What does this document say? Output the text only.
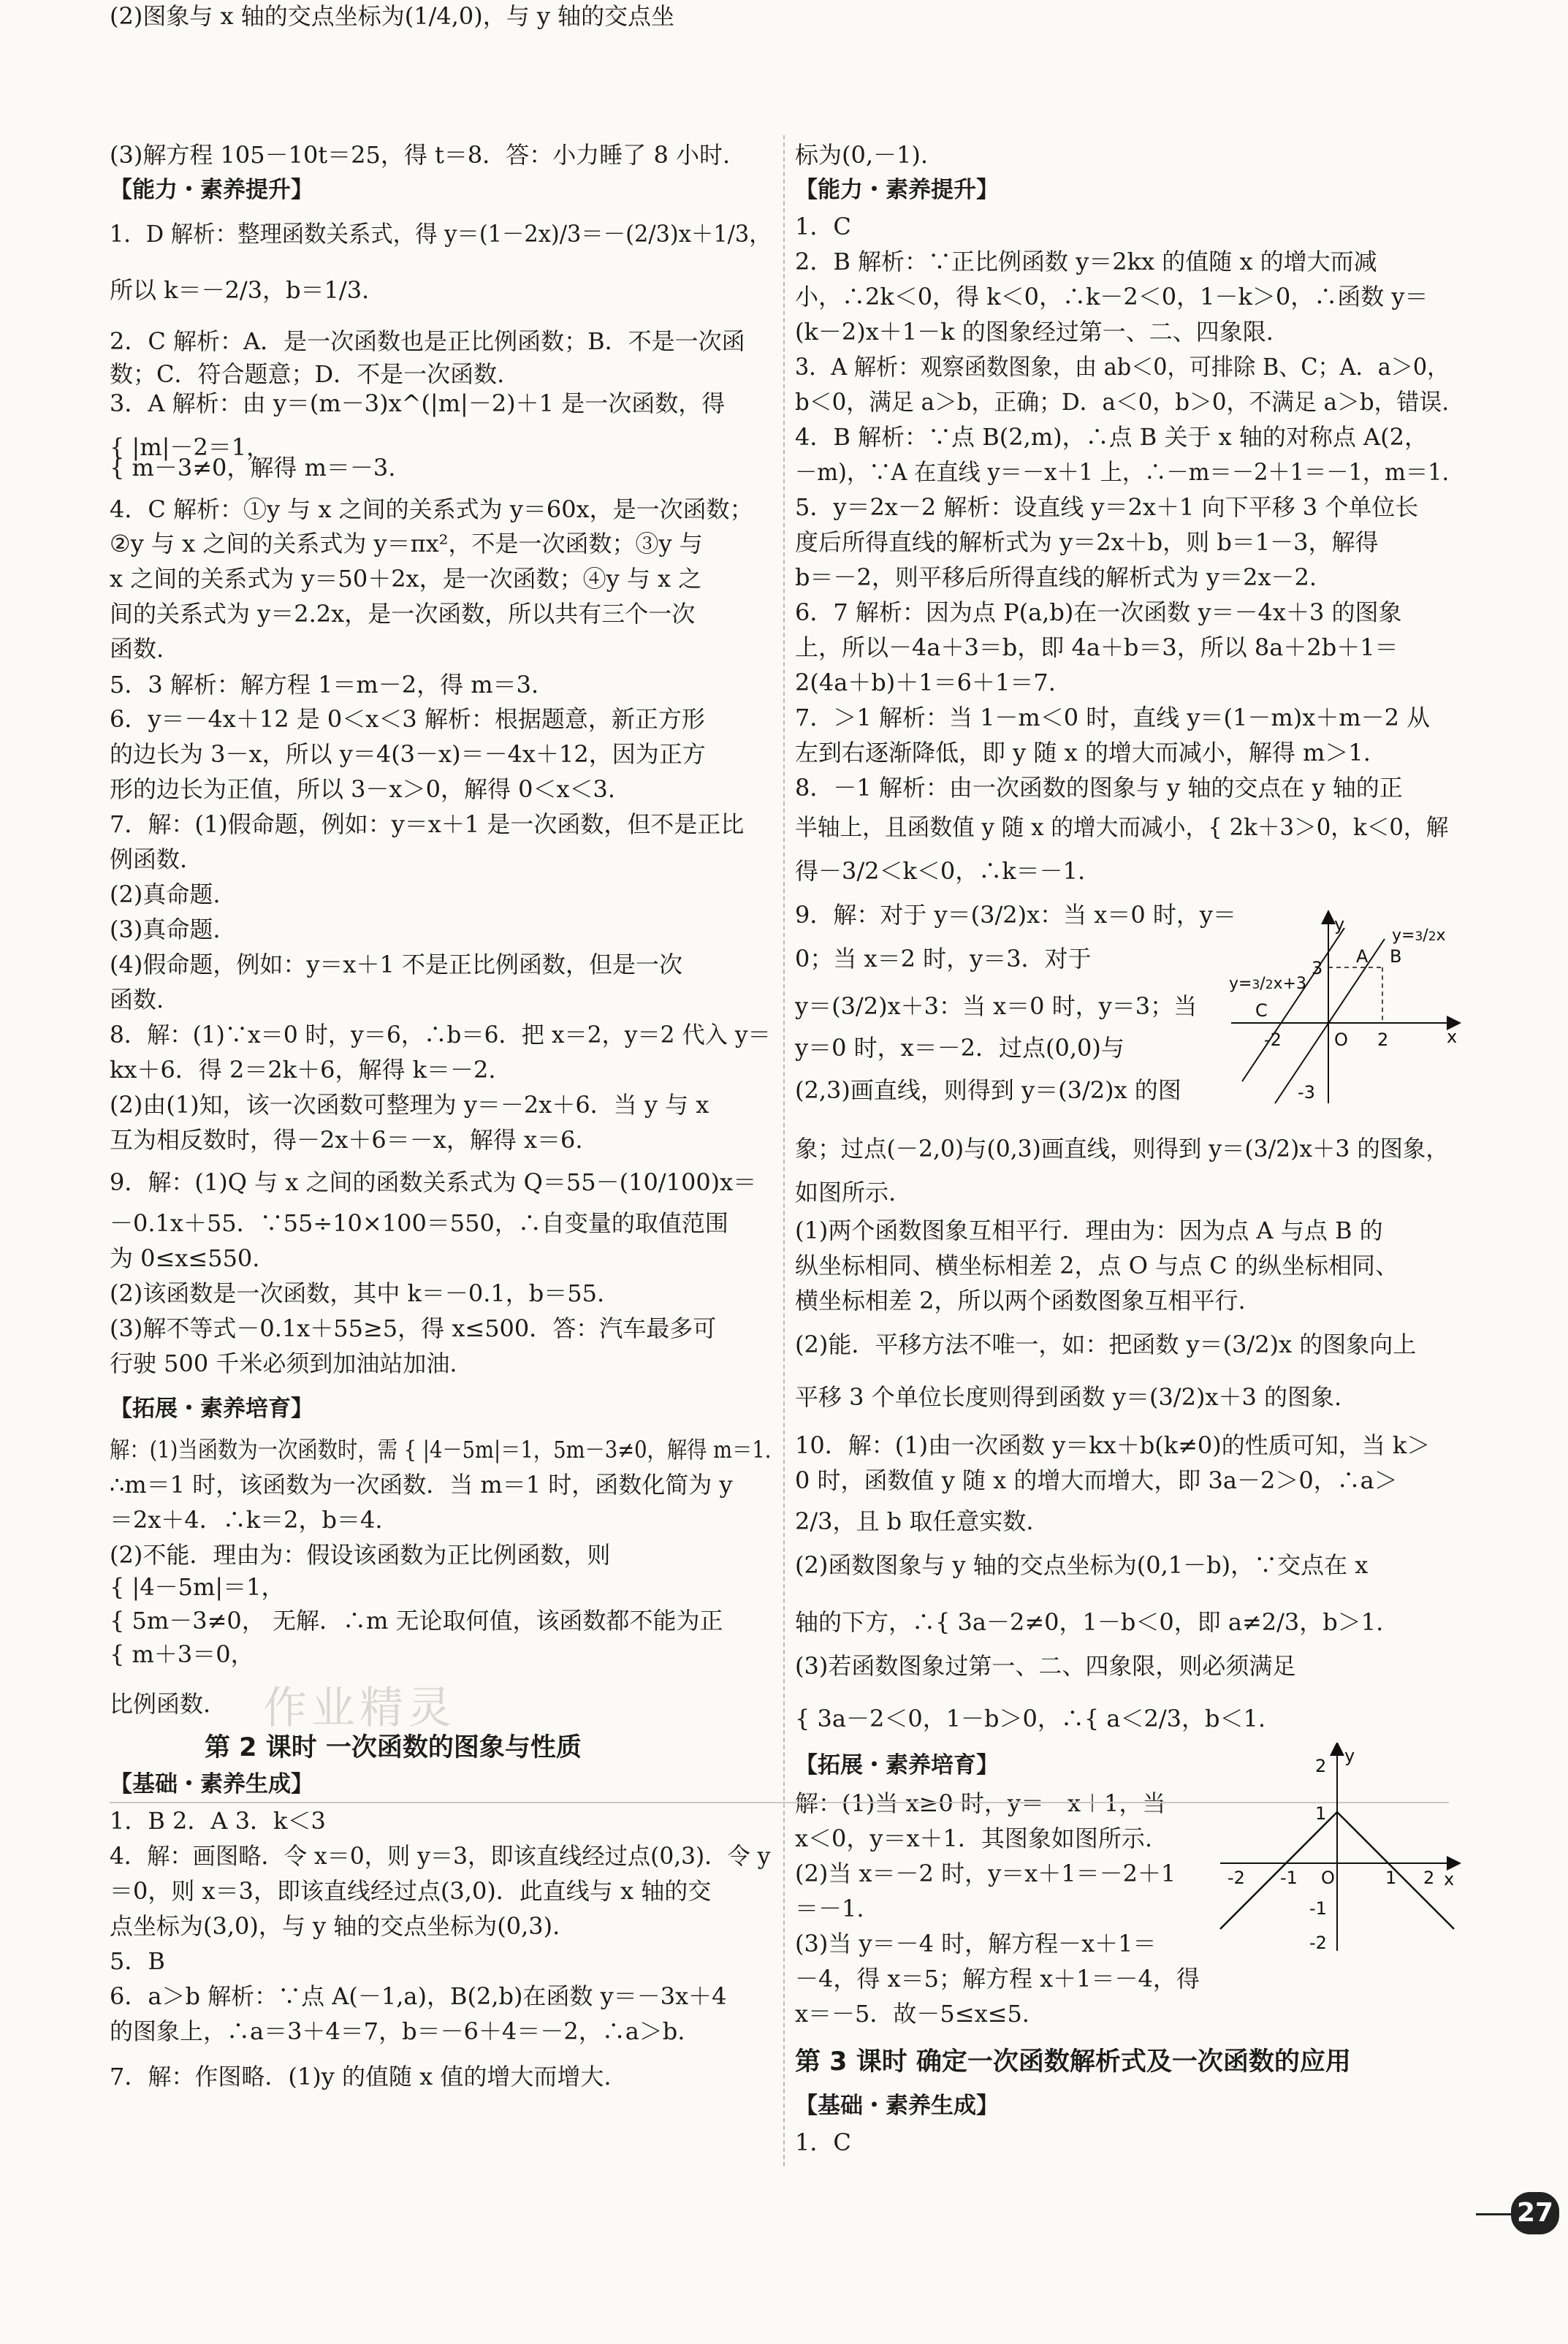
(3)解方程 105－10t＝25，得 t＝8．答：小力睡了 8 小时.
【能力・素养提升】
1．D 解析：整理函数关系式，得 y＝(1－2x)/3＝－(2/3)x＋1/3，
所以 k＝－2/3，b＝1/3.
2．C 解析：A．是一次函数也是正比例函数；B．不是一次函
数；C．符合题意；D．不是一次函数.
3．A 解析：由 y＝(m－3)x^(|m|－2)＋1 是一次函数，得
{ |m|－2＝1，
{ m－3≠0，解得 m＝－3.
4．C 解析：①y 与 x 之间的关系式为 y＝60x，是一次函数；
②y 与 x 之间的关系式为 y＝πx²，不是一次函数；③y 与
x 之间的关系式为 y＝50＋2x，是一次函数；④y 与 x 之
间的关系式为 y＝2.2x，是一次函数，所以共有三个一次
函数.
5．3 解析：解方程 1＝m－2，得 m＝3.
6．y＝－4x＋12 是 0＜x＜3 解析：根据题意，新正方形
的边长为 3－x，所以 y＝4(3－x)＝－4x＋12，因为正方
形的边长为正值，所以 3－x＞0，解得 0＜x＜3.
7．解：(1)假命题，例如：y＝x＋1 是一次函数，但不是正比
例函数.
(2)真命题.
(3)真命题.
(4)假命题，例如：y＝x＋1 不是正比例函数，但是一次
函数.
8．解：(1)∵x＝0 时，y＝6，∴b＝6．把 x＝2，y＝2 代入 y＝
kx＋6．得 2＝2k＋6，解得 k＝－2.
(2)由(1)知，该一次函数可整理为 y＝－2x＋6．当 y 与 x
互为相反数时，得－2x＋6＝－x，解得 x＝6.
9．解：(1)Q 与 x 之间的函数关系式为 Q＝55－(10/100)x＝
－0.1x＋55．∵55÷10×100＝550，∴自变量的取值范围
为 0≤x≤550.
(2)该函数是一次函数，其中 k＝－0.1，b＝55.
(3)解不等式－0.1x＋55≥5，得 x≤500．答：汽车最多可
行驶 500 千米必须到加油站加油.
【拓展・素养培育】
解：(1)当函数为一次函数时，需 { |4－5m|＝1，5m－3≠0，解得 m＝1.
∴m＝1 时，该函数为一次函数．当 m＝1 时，函数化简为 y
＝2x＋4．∴k＝2，b＝4.
(2)不能．理由为：假设该函数为正比例函数，则
{ |4－5m|＝1，
{ 5m－3≠0， 无解．∴m 无论取何值，该函数都不能为正
{ m＋3＝0，
比例函数.
第 2 课时 一次函数的图象与性质
【基础・素养生成】
1．B 2．A 3．k＜3
4．解：画图略．令 x＝0，则 y＝3，即该直线经过点(0,3)．令 y
＝0，则 x＝3，即该直线经过点(3,0)．此直线与 x 轴的交
点坐标为(3,0)，与 y 轴的交点坐标为(0,3).
5．B
6．a＞b 解析：∵点 A(－1,a)，B(2,b)在函数 y＝－3x＋4
的图象上，∴a＝3＋4＝7，b＝－6＋4＝－2，∴a＞b.
7．解：作图略．(1)y 的值随 x 值的增大而增大.
(2)图象与 x 轴的交点坐标为(1/4,0)，与 y 轴的交点坐
标为(0,－1).
【能力・素养提升】
1．C
2．B 解析：∵正比例函数 y＝2kx 的值随 x 的增大而减
小，∴2k＜0，得 k＜0，∴k－2＜0，1－k＞0，∴函数 y＝
(k－2)x＋1－k 的图象经过第一、二、四象限.
3．A 解析：观察函数图象，由 ab＜0，可排除 B、C；A．a＞0，
b＜0，满足 a＞b，正确；D．a＜0，b＞0，不满足 a＞b，错误.
4．B 解析：∵点 B(2,m)，∴点 B 关于 x 轴的对称点 A(2，
－m)，∵A 在直线 y＝－x＋1 上，∴－m＝－2＋1＝－1，m＝1.
5．y＝2x－2 解析：设直线 y＝2x＋1 向下平移 3 个单位长
度后所得直线的解析式为 y＝2x＋b，则 b＝1－3，解得
b＝－2，则平移后所得直线的解析式为 y＝2x－2.
6．7 解析：因为点 P(a,b)在一次函数 y＝－4x＋3 的图象
上，所以－4a＋3＝b，即 4a＋b＝3，所以 8a＋2b＋1＝
2(4a＋b)＋1＝6＋1＝7.
7．＞1 解析：当 1－m＜0 时，直线 y＝(1－m)x＋m－2 从
左到右逐渐降低，即 y 随 x 的增大而减小，解得 m＞1.
8．－1 解析：由一次函数的图象与 y 轴的交点在 y 轴的正
半轴上，且函数值 y 随 x 的增大而减小，{ 2k＋3＞0，k＜0，解
得－3/2＜k＜0，∴k＝－1.
9．解：对于 y＝(3/2)x：当 x＝0 时，y＝
0；当 x＝2 时，y＝3．对于
y＝(3/2)x＋3：当 x＝0 时，y＝3；当
y＝0 时，x＝－2．过点(0,0)与
(2,3)画直线，则得到 y＝(3/2)x 的图
象；过点(－2,0)与(0,3)画直线，则得到 y＝(3/2)x＋3 的图象，
如图所示.
(1)两个函数图象互相平行．理由为：因为点 A 与点 B 的
纵坐标相同、横坐标相差 2，点 O 与点 C 的纵坐标相同、
横坐标相差 2，所以两个函数图象互相平行.
(2)能．平移方法不唯一，如：把函数 y＝(3/2)x 的图象向上
平移 3 个单位长度则得到函数 y＝(3/2)x＋3 的图象.
10．解：(1)由一次函数 y＝kx＋b(k≠0)的性质可知，当 k＞
0 时，函数值 y 随 x 的增大而增大，即 3a－2＞0，∴a＞
2/3，且 b 取任意实数.
(2)函数图象与 y 轴的交点坐标为(0,1－b)，∵交点在 x
轴的下方，∴{ 3a－2≠0，1－b＜0，即 a≠2/3，b＞1.
(3)若函数图象过第一、二、四象限，则必须满足
{ 3a－2＜0，1－b＞0，∴{ a＜2/3，b＜1.
【拓展・素养培育】
解：(1)当 x≥0 时，y＝－x＋1，当
x＜0，y＝x＋1．其图象如图所示.
(2)当 x＝－2 时，y＝x＋1＝－2＋1
＝－1.
(3)当 y＝－4 时，解方程－x＋1＝
－4，得 x＝5；解方程 x＋1＝－4，得
x＝－5．故－5≤x≤5.
第 3 课时 确定一次函数解析式及一次函数的应用
【基础・素养生成】
1．C
y
x
O
A B
C
-2	2
3
-3
y=3/2x
y=3/2x+3
y
x
O
-2 -1	1 2
2
1
-1
-2
作业精灵
27
